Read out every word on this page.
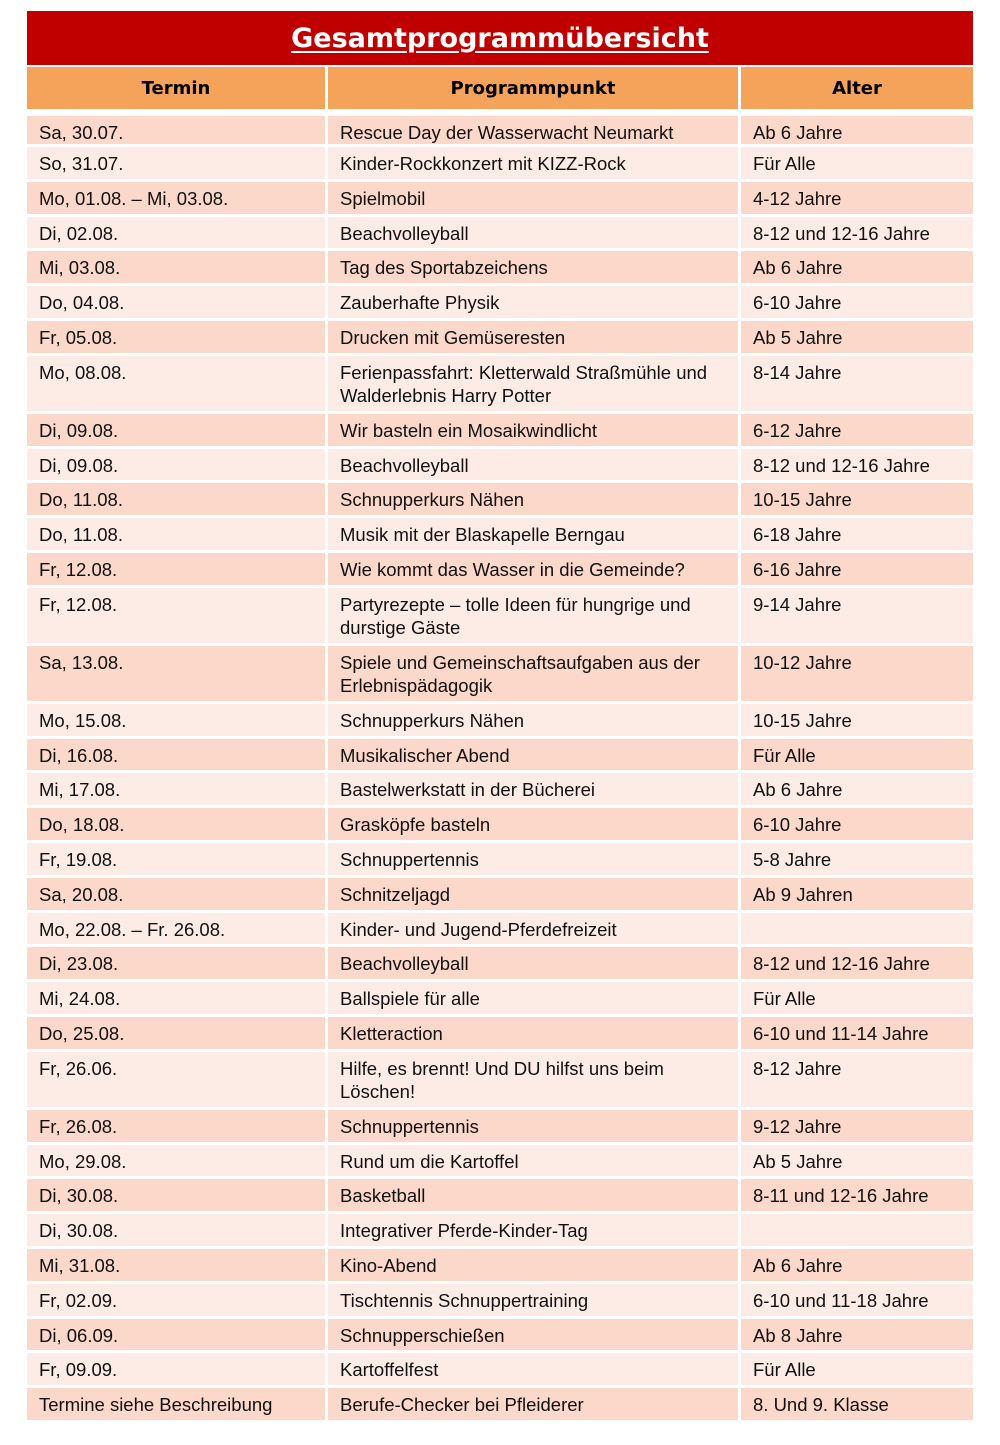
Gesamtprogrammübersicht
Termin	Programmpunkt	Alter
Sa, 30.07.	Rescue Day der Wasserwacht Neumarkt	Ab 6 Jahre
So, 31.07.	Kinder-Rockkonzert mit KIZZ-Rock	Für Alle
Mo, 01.08. – Mi, 03.08.	Spielmobil	4-12 Jahre
Di, 02.08.	Beachvolleyball	8-12 und 12-16 Jahre
Mi, 03.08.	Tag des Sportabzeichens	Ab 6 Jahre
Do, 04.08.	Zauberhafte Physik	6-10 Jahre
Fr, 05.08.	Drucken mit Gemüseresten	Ab 5 Jahre
Mo, 08.08.	Ferienpassfahrt: Kletterwald Straßmühle und Walderlebnis Harry Potter	8-14 Jahre
Di, 09.08.	Wir basteln ein Mosaikwindlicht	6-12 Jahre
Di, 09.08.	Beachvolleyball	8-12 und 12-16 Jahre
Do, 11.08.	Schnupperkurs Nähen	10-15 Jahre
Do, 11.08.	Musik mit der Blaskapelle Berngau	6-18 Jahre
Fr, 12.08.	Wie kommt das Wasser in die Gemeinde?	6-16 Jahre
Fr, 12.08.	Partyrezepte – tolle Ideen für hungrige und durstige Gäste	9-14 Jahre
Sa, 13.08.	Spiele und Gemeinschaftsaufgaben aus der Erlebnispädagogik	10-12 Jahre
Mo, 15.08.	Schnupperkurs Nähen	10-15 Jahre
Di, 16.08.	Musikalischer Abend	Für Alle
Mi, 17.08.	Bastelwerkstatt in der Bücherei	Ab 6 Jahre
Do, 18.08.	Grasköpfe basteln	6-10 Jahre
Fr, 19.08.	Schnuppertennis	5-8 Jahre
Sa, 20.08.	Schnitzeljagd	Ab 9 Jahren
Mo, 22.08. – Fr. 26.08.	Kinder- und Jugend-Pferdefreizeit	
Di, 23.08.	Beachvolleyball	8-12 und 12-16 Jahre
Mi, 24.08.	Ballspiele für alle	Für Alle
Do, 25.08.	Kletteraction	6-10 und 11-14 Jahre
Fr, 26.06.	Hilfe, es brennt! Und DU hilfst uns beim Löschen!	8-12 Jahre
Fr, 26.08.	Schnuppertennis	9-12 Jahre
Mo, 29.08.	Rund um die Kartoffel	Ab 5 Jahre
Di, 30.08.	Basketball	8-11 und 12-16 Jahre
Di, 30.08.	Integrativer Pferde-Kinder-Tag	
Mi, 31.08.	Kino-Abend	Ab 6 Jahre
Fr, 02.09.	Tischtennis Schnuppertraining	6-10 und 11-18 Jahre
Di, 06.09.	Schnupperschießen	Ab 8 Jahre
Fr, 09.09.	Kartoffelfest	Für Alle
Termine siehe Beschreibung	Berufe-Checker bei Pfleiderer	8. Und 9. Klasse
